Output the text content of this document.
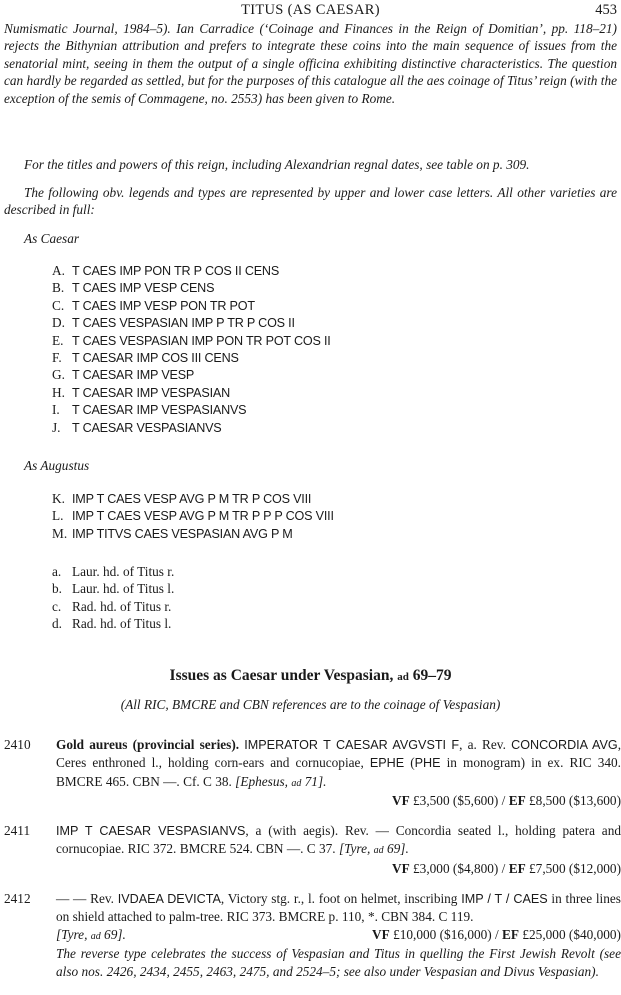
TITUS (AS CAESAR)	453
Numismatic Journal, 1984–5). Ian Carradice (‘Coinage and Finances in the Reign of Domitian’, pp. 118–21) rejects the Bithynian attribution and prefers to integrate these coins into the main sequence of issues from the senatorial mint, seeing in them the output of a single officina exhibiting distinctive characteristics. The question can hardly be regarded as settled, but for the purposes of this catalogue all the aes coinage of Titus’ reign (with the exception of the semis of Commagene, no. 2553) has been given to Rome.
For the titles and powers of this reign, including Alexandrian regnal dates, see table on p. 309.
The following obv. legends and types are represented by upper and lower case letters. All other varieties are described in full:
As Caesar
A. T CAES IMP PON TR P COS II CENS
B. T CAES IMP VESP CENS
C. T CAES IMP VESP PON TR POT
D. T CAES VESPASIAN IMP P TR P COS II
E. T CAES VESPASIAN IMP PON TR POT COS II
F. T CAESAR IMP COS III CENS
G. T CAESAR IMP VESP
H. T CAESAR IMP VESPASIAN
I. T CAESAR IMP VESPASIANVS
J. T CAESAR VESPASIANVS
As Augustus
K. IMP T CAES VESP AVG P M TR P COS VIII
L. IMP T CAES VESP AVG P M TR P P P COS VIII
M. IMP TITVS CAES VESPASIAN AVG P M
a. Laur. hd. of Titus r.
b. Laur. hd. of Titus l.
c. Rad. hd. of Titus r.
d. Rad. hd. of Titus l.
Issues as Caesar under Vespasian, ad 69–79
(All RIC, BMCRE and CBN references are to the coinage of Vespasian)
2410 Gold aureus (provincial series). IMPERATOR T CAESAR AVGVSTI F, a. Rev. CONCORDIA AVG, Ceres enthroned l., holding corn-ears and cornucopiae, EPHE (PHE in monogram) in ex. RIC 340. BMCRE 465. CBN —. Cf. C 38. [Ephesus, ad 71].
VF £3,500 ($5,600) / EF £8,500 ($13,600)
2411 IMP T CAESAR VESPASIANVS, a (with aegis). Rev. — Concordia seated l., holding patera and cornucopiae. RIC 372. BMCRE 524. CBN —. C 37. [Tyre, ad 69].
VF £3,000 ($4,800) / EF £7,500 ($12,000)
2412 — — Rev. IVDAEA DEVICTA, Victory stg. r., l. foot on helmet, inscribing IMP / T / CAES in three lines on shield attached to palm-tree. RIC 373. BMCRE p. 110, *. CBN 384. C 119.
[Tyre, ad 69].	VF £10,000 ($16,000) / EF £25,000 ($40,000)
The reverse type celebrates the success of Vespasian and Titus in quelling the First Jewish Revolt (see also nos. 2426, 2434, 2455, 2463, 2475, and 2524–5; see also under Vespasian and Divus Vespasian).
